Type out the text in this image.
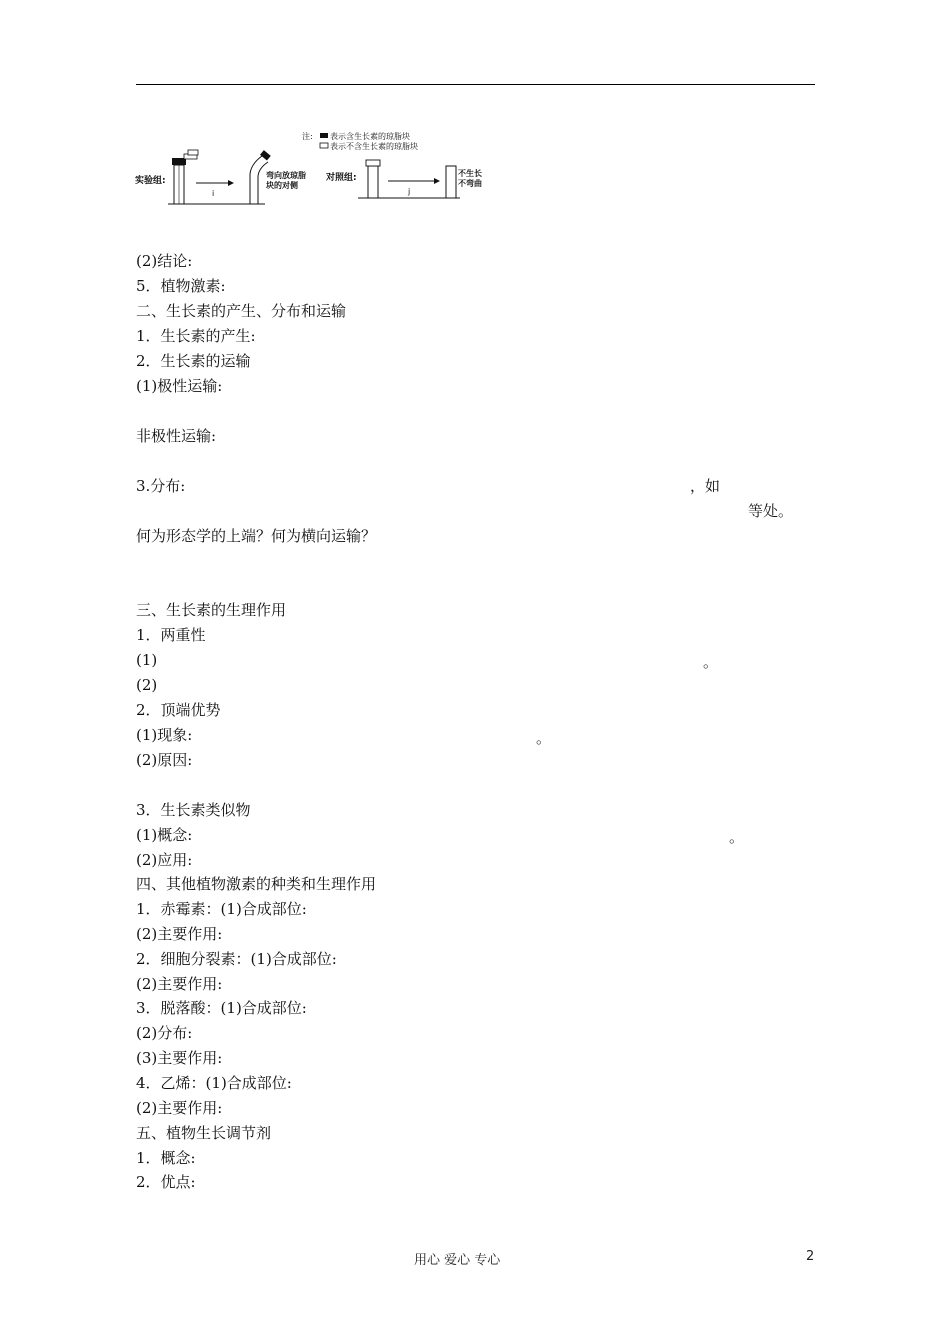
注: 表示含生长素的琼脂块
表示不含生长素的琼脂块
实验组:
i
弯向放琼脂
块的对侧
对照组:
j
不生长
不弯曲
(2)结论:
5．植物激素:
二、生长素的产生、分布和运输
1．生长素的产生:
2．生长素的运输
(1)极性运输:
非极性运输:
3.分布:	，如
等处。
何为形态学的上端？何为横向运输？
三、生长素的生理作用
1．两重性
(1)	。
(2)
2．顶端优势
(1)现象:	。
(2)原因:
3．生长素类似物
(1)概念:	。
(2)应用:
四、其他植物激素的种类和生理作用
1．赤霉素：(1)合成部位:
(2)主要作用:
2．细胞分裂素：(1)合成部位:
(2)主要作用:
3．脱落酸：(1)合成部位:
(2)分布:
(3)主要作用:
4．乙烯：(1)合成部位:
(2)主要作用:
五、植物生长调节剂
1．概念:
2．优点:
用心 爱心 专心	2
